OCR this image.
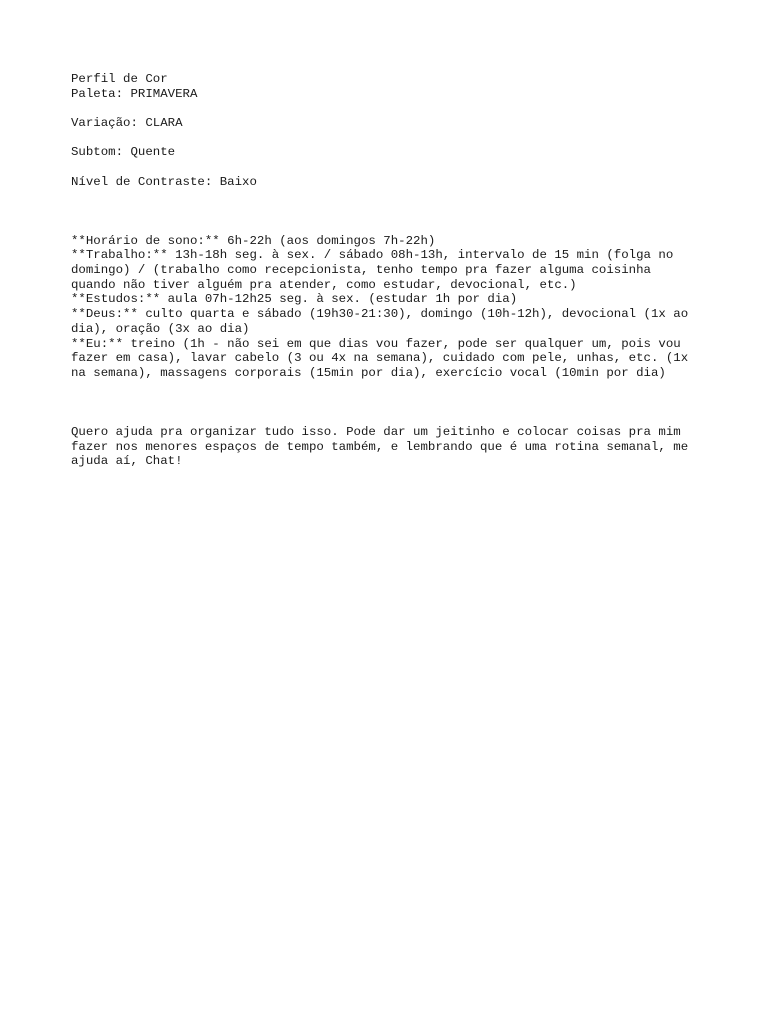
Perfil de Cor

Paleta: PRIMAVERA

Variação: CLARA

Subtom: Quente

Nível de Contraste: Baixo

**Horário de sono:** 6h-22h (aos domingos 7h-22h)

**Trabalho:** 13h-18h seg. à sex. / sábado 08h-13h, intervalo de 15 min (folga no

domingo) / (trabalho como recepcionista, tenho tempo pra fazer alguma coisinha

quando não tiver alguém pra atender, como estudar, devocional, etc.)

**Estudos:** aula 07h-12h25 seg. à sex. (estudar 1h por dia)

**Deus:** culto quarta e sábado (19h30-21:30), domingo (10h-12h), devocional (1x ao

dia), oração (3x ao dia)

**Eu:** treino (1h - não sei em que dias vou fazer, pode ser qualquer um, pois vou

fazer em casa), lavar cabelo (3 ou 4x na semana), cuidado com pele, unhas, etc. (1x

na semana), massagens corporais (15min por dia), exercício vocal (10min por dia)

Quero ajuda pra organizar tudo isso. Pode dar um jeitinho e colocar coisas pra mim

fazer nos menores espaços de tempo também, e lembrando que é uma rotina semanal, me

ajuda aí, Chat!
